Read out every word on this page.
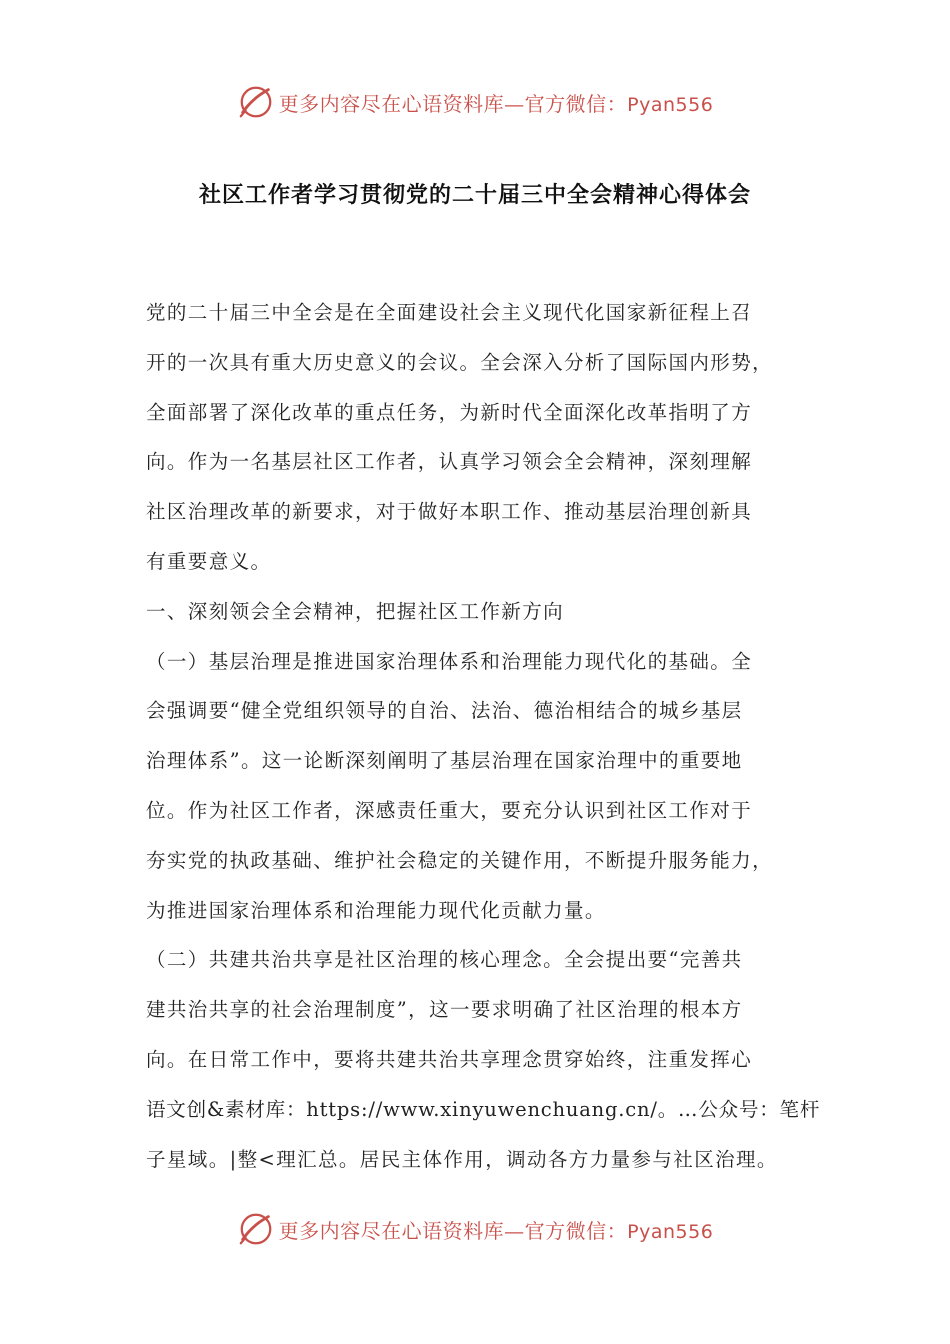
更多内容尽在心语资料库—官方微信：Pyan556
社区工作者学习贯彻党的二十届三中全会精神心得体会
党的二十届三中全会是在全面建设社会主义现代化国家新征程上召
开的一次具有重大历史意义的会议。全会深入分析了国际国内形势，
全面部署了深化改革的重点任务，为新时代全面深化改革指明了方
向。作为一名基层社区工作者，认真学习领会全会精神，深刻理解
社区治理改革的新要求，对于做好本职工作、推动基层治理创新具
有重要意义。
一、深刻领会全会精神，把握社区工作新方向
（一）基层治理是推进国家治理体系和治理能力现代化的基础。全
会强调要“健全党组织领导的自治、法治、德治相结合的城乡基层
治理体系”。这一论断深刻阐明了基层治理在国家治理中的重要地
位。作为社区工作者，深感责任重大，要充分认识到社区工作对于
夯实党的执政基础、维护社会稳定的关键作用，不断提升服务能力，
为推进国家治理体系和治理能力现代化贡献力量。
（二）共建共治共享是社区治理的核心理念。全会提出要“完善共
建共治共享的社会治理制度”，这一要求明确了社区治理的根本方
向。在日常工作中，要将共建共治共享理念贯穿始终，注重发挥心
语文创&素材库：https://www.xinyuwenchuang.cn/。…公众号：笔杆
子星域。|整<理汇总。居民主体作用，调动各方力量参与社区治理。
更多内容尽在心语资料库—官方微信：Pyan556
